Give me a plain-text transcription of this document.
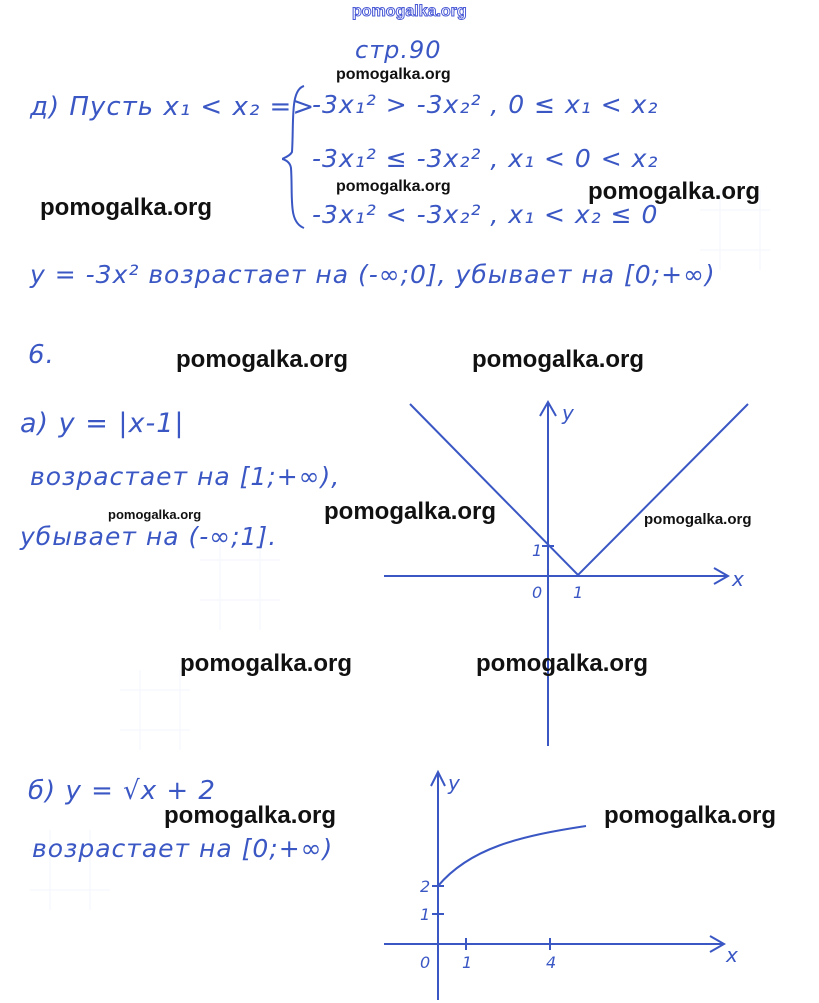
pomogalka.org
стр.90
д) Пусть x₁ < x₂ =>
-3x₁² > -3x₂² , 0 ≤ x₁ < x₂
-3x₁² ≤ -3x₂² , x₁ < 0 < x₂
-3x₁² < -3x₂² , x₁ < x₂ ≤ 0
y = -3x² возрастает на (-∞;0], убывает на [0;+∞)
6.
а) y = |x-1|
возрастает на [1;+∞),
убывает на (-∞;1].
y
x
0 1
1
б) y = √x + 2
возрастает на [0;+∞)
y
x
0 1	4
1
2
pomogalka.org
pomogalka.org
pomogalka.org
pomogalka.org
pomogalka.org	pomogalka.org
pomogalka.org	pomogalka.org	pomogalka.org
pomogalka.org	pomogalka.org
pomogalka.org	pomogalka.org
